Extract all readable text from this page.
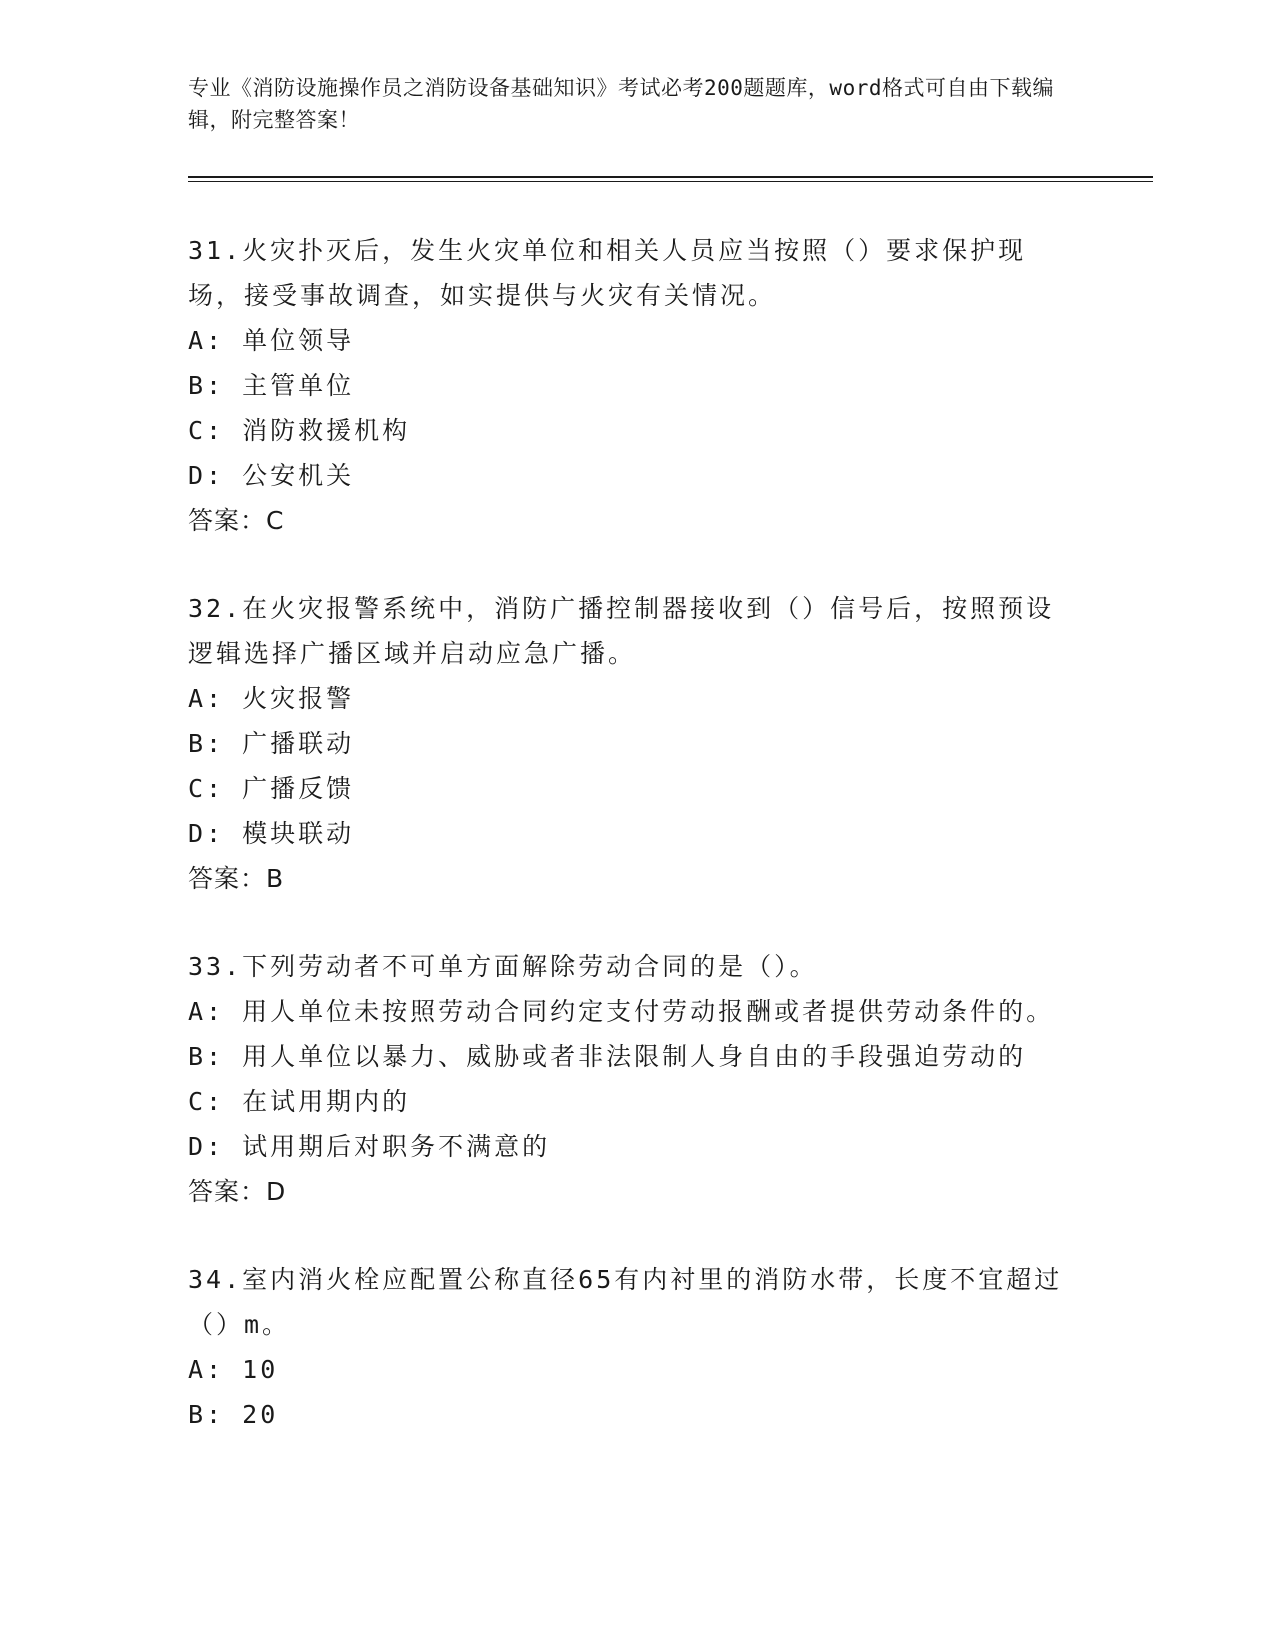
专业《消防设施操作员之消防设备基础知识》考试必考200题题库，word格式可自由下载编辑，附完整答案！
31.火灾扑灭后，发生火灾单位和相关人员应当按照（）要求保护现场，接受事故调查，如实提供与火灾有关情况。
A: 单位领导
B: 主管单位
C: 消防救援机构
D: 公安机关
答案：C
32.在火灾报警系统中，消防广播控制器接收到（）信号后，按照预设逻辑选择广播区域并启动应急广播。
A: 火灾报警
B: 广播联动
C: 广播反馈
D: 模块联动
答案：B
33.下列劳动者不可单方面解除劳动合同的是（）。
A: 用人单位未按照劳动合同约定支付劳动报酬或者提供劳动条件的。
B: 用人单位以暴力、威胁或者非法限制人身自由的手段强迫劳动的
C: 在试用期内的
D: 试用期后对职务不满意的
答案：D
34.室内消火栓应配置公称直径65有内衬里的消防水带，长度不宜超过（）m。
A: 10
B: 20
